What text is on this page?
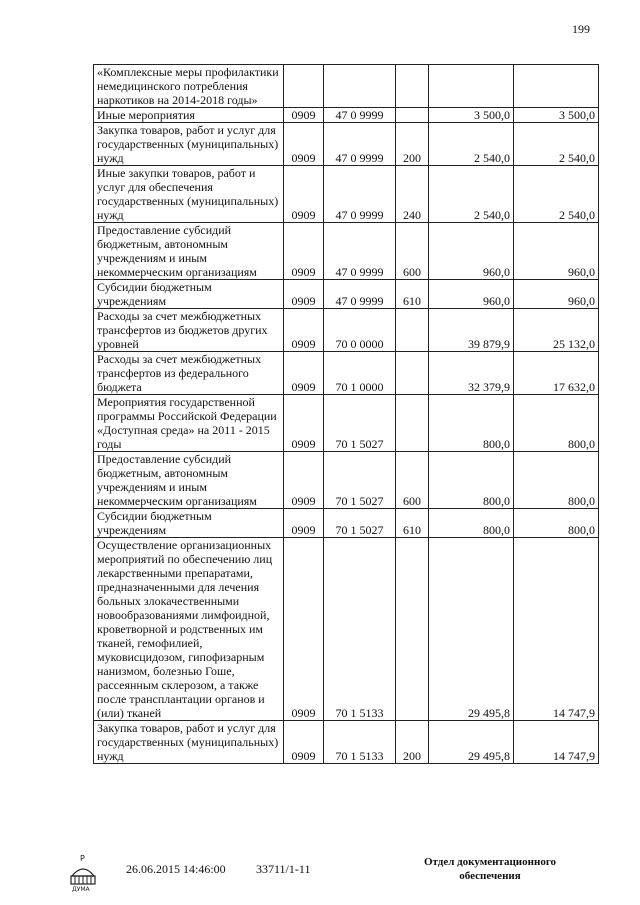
199
«Комплексные меры профилактики немедицинского потребления наркотиков на 2014-2018 годы»					
Иные мероприятия	0909	47 0 9999		3 500,0	3 500,0
Закупка товаров, работ и услуг для государственных (муниципальных) нужд	0909	47 0 9999	200	2 540,0	2 540,0
Иные закупки товаров, работ и услуг для обеспечения государственных (муниципальных) нужд	0909	47 0 9999	240	2 540,0	2 540,0
Предоставление субсидий бюджетным, автономным учреждениям и иным некоммерческим организациям	0909	47 0 9999	600	960,0	960,0
Субсидии бюджетным учреждениям	0909	47 0 9999	610	960,0	960,0
Расходы за счет межбюджетных трансфертов из бюджетов других уровней	0909	70 0 0000		39 879,9	25 132,0
Расходы за счет межбюджетных трансфертов из федерального бюджета	0909	70 1 0000		32 379,9	17 632,0
Мероприятия государственной программы Российской Федерации «Доступная среда» на 2011 - 2015 годы	0909	70 1 5027		800,0	800,0
Предоставление субсидий бюджетным, автономным учреждениям и иным некоммерческим организациям	0909	70 1 5027	600	800,0	800,0
Субсидии бюджетным учреждениям	0909	70 1 5027	610	800,0	800,0
Осуществление организационных мероприятий по обеспечению лиц лекарственными препаратами, предназначенными для лечения больных злокачественными новообразованиями лимфоидной, кроветворной и родственных им тканей, гемофилией, муковисцидозом, гипофизарным нанизмом, болезнью Гоше, рассеянным склерозом, а также после трансплантации органов и (или) тканей	0909	70 1 5133		29 495,8	14 747,9
Закупка товаров, работ и услуг для государственных (муниципальных) нужд	0909	70 1 5133	200	29 495,8	14 747,9
Р
ДУМА
26.06.2015 14:46:00	33711/1-11	Отдел документационного
обеспечения
